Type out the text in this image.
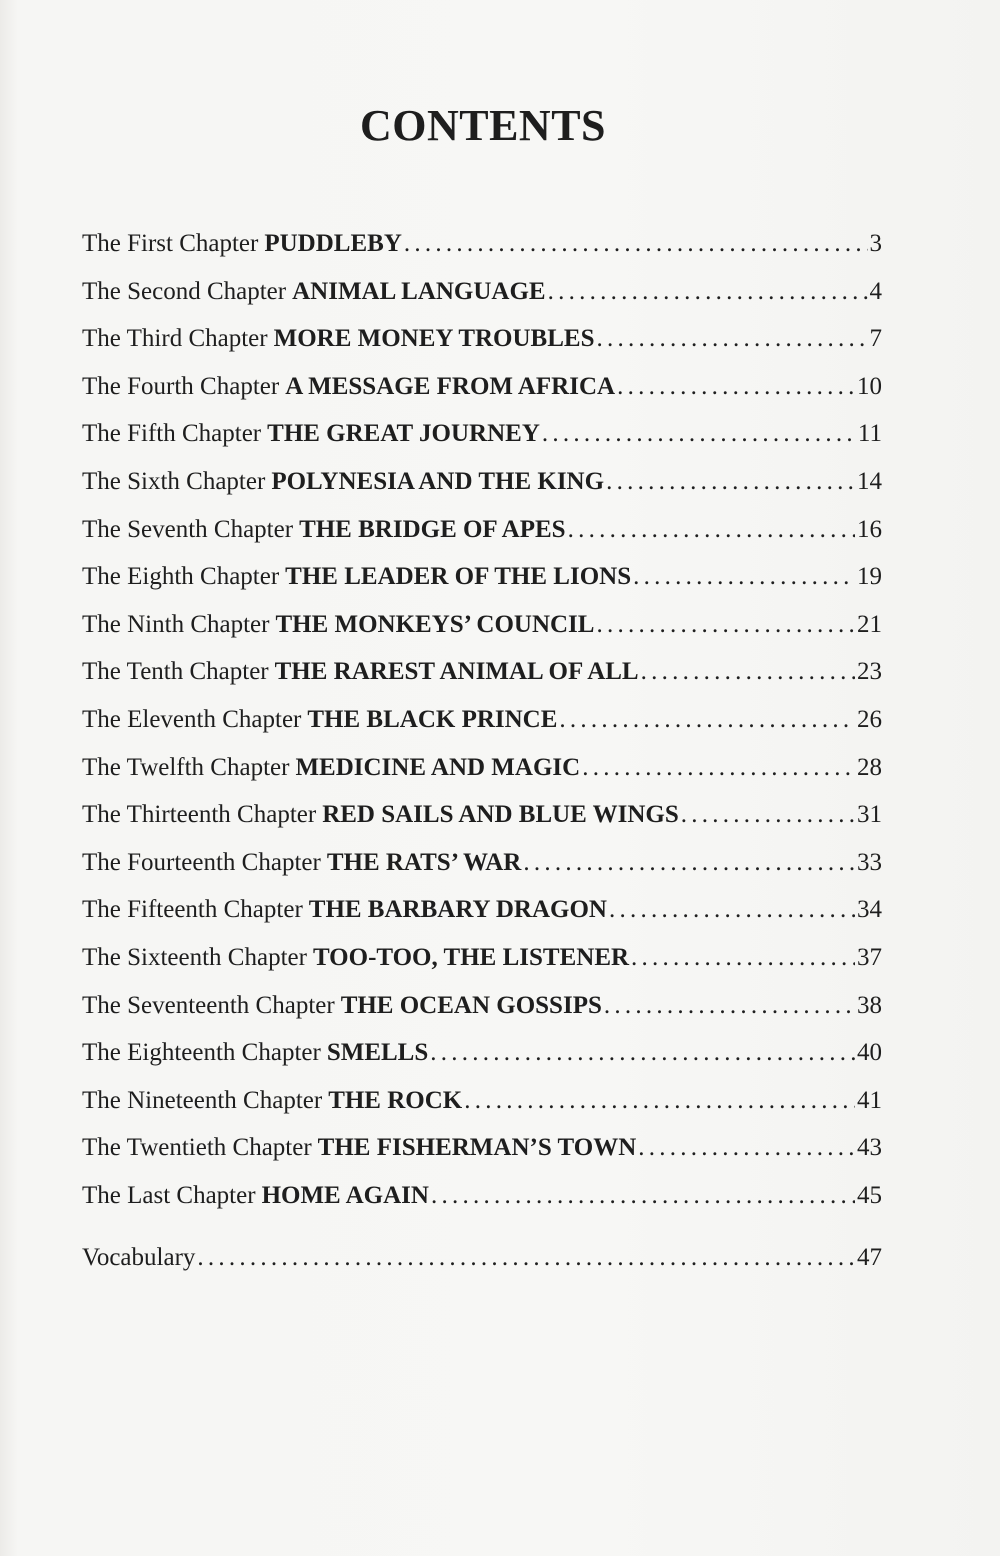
CONTENTS
The First Chapter PUDDLEBY . . .	3
The Second Chapter ANIMAL LANGUAGE . . .	4
The Third Chapter MORE MONEY TROUBLES . . .	7
The Fourth Chapter A MESSAGE FROM AFRICA . . .	10
The Fifth Chapter THE GREAT JOURNEY . . .	11
The Sixth Chapter POLYNESIA AND THE KING . . .	14
The Seventh Chapter THE BRIDGE OF APES . . .	16
The Eighth Chapter THE LEADER OF THE LIONS . . .	19
The Ninth Chapter THE MONKEYS’ COUNCIL . . .	21
The Tenth Chapter THE RAREST ANIMAL OF ALL . . .	23
The Eleventh Chapter THE BLACK PRINCE . . .	26
The Twelfth Chapter MEDICINE AND MAGIC . . .	28
The Thirteenth Chapter RED SAILS AND BLUE WINGS . . .	31
The Fourteenth Chapter THE RATS’ WAR . . .	33
The Fifteenth Chapter THE BARBARY DRAGON . . .	34
The Sixteenth Chapter TOO-TOO, THE LISTENER . . .	37
The Seventeenth Chapter THE OCEAN GOSSIPS . . .	38
The Eighteenth Chapter SMELLS . . .	40
The Nineteenth Chapter THE ROCK . . .	41
The Twentieth Chapter THE FISHERMAN’S TOWN . . .	43
The Last Chapter HOME AGAIN . . .	45
Vocabulary . . .	47
